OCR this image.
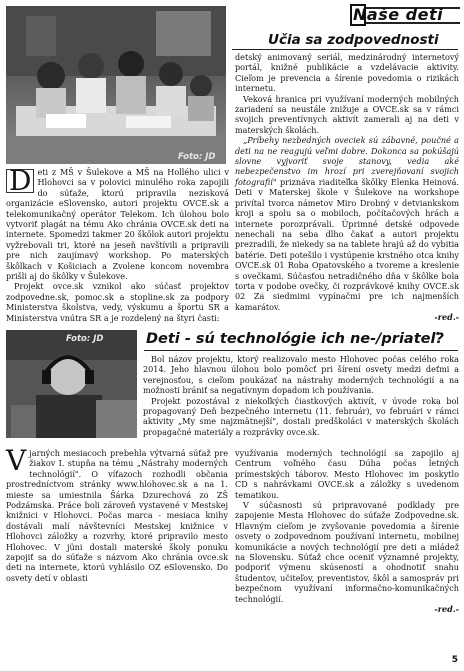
Naše deti
Foto: JD
Učia sa zodpovednosti
D eti z MŠ v Šulekove a MŠ na Hollého ulici v Hlohovci sa v polovici minulého roka zapojili do súťaže, ktorú pripravila nezisková organizácie eSlovensko, autori projektu OVCE.sk a telekomunikačný operátor Telekom. Ich úlohou bolo vytvoriť plagát na tému Ako chrániа OVCE.sk deti na internete. Spomedzi takmer 20 škôlok autori projektu vyžrebovali tri, ktoré na jeseň navštívili a pripravili pre nich zaujímavý workshop. Po materských škôlkach v Košiciach a Zvolene koncom novembra prišli aj do škôlky v Šulekove.

Projekt ovce.sk vznikol ako súčasť projektov zodpovedne.sk, pomoc.sk a stopline.sk za podpory Ministerstva školstva, vedy, výskumu a športu SR a Ministerstva vnútra SR a je rozdelený na štyri časti:

detský animovaný seriál, medzinárodný internetový portál, knižné publikácie a vzdelávacie aktivity. Cieľom je prevencia a šírenie povedomia o rizikách internetu.

Veková hranica pri využívaní moderných mobilných zariadení sa neustále znižuje a OVCE.sk sa v rámci svojich preventívnych aktivít zamerali aj na deti v materských školách.

„Príbehy nezbedných oveciek sú zábavné, poučné a deti na ne reagujú veľmi dobre. Dokonca sa pokúšajú slovne vyjvoriť svoje stanovy, vedia aké nebezpečenstvo im hrozí pri zverejňovaní svojich fotografií" priznáva riaditeľka škôlky Elenka Heinová. Deti v Materskej škole v Šulekove na workshope privítal tvorca námetov Miro Drobný v detviankskom kroji a spolu sa o mobiloch, počítačových hrách a internete porozprávali. Úprimné detské odpovede nenechali na seba dlho čakať a autori projektu prezradili, že niekedy sa na tablete hrajú až do vybitia batérie. Deti potešilo i vystúpenie krstného otca knihy OVCE.sk 01 Roba Opatovského a tvoreme a kreslenie s ovečkami. Súčasťou netradičného dňa v škôlke bola torta v podobe ovečky, či rozprávkové knihy OVCE.sk 02 Za siedmimi vypínačmi pre ich najmenších kamarátov.

-red.-

Foto: JD	Deti - sú technológie ich ne-/priateľ?

Bol názov projektu, ktorý realizovalo mesto Hlohovec počas celého roka 2014. Jeho hlavnou úlohou bolo pomôcť pri šírení osvety medzi deťmi a verejnosťou, s cieľom poukázať na nástrahy moderných technológií a na možnosti brániť sa negatívnym dopadom ich používania.

Projekt pozostával z niekoľkých čiastkových aktivít, v úvode roka bol propagovaný Deň bezpečného internetu (11. február), vo februári v rámci aktivity „My sme najzmätnejší", dostali predškoláci v materských školách propagačné materiály a rozprávky ovce.sk.

V jarných mesiacoch prebehla výtvarná súťaž pre žiakov I. stupňa na tému „Nástrahy moderných technológií". O víťazoch rozhodli občania prostredníctvom stránky www.hlohovec.sk a na 1. mieste sa umiestnila Šárka Dzurechová zo ZŠ Podzámska. Práce boli zároveň vystavené v Mestskej knižnici v Hlohovci. Počas marca - mesiaca knihy dostávali malí návštevníci Mestskej knižnice v Hlohovci záložky a rozvrhy, ktoré pripravilo mesto Hlohovec. V jüni dostali materské školy ponuku zapojiť sa do súťaže s názvom Ako chrániа ovce.sk deti na internete, ktorú vyhlásilo OZ eSlovensko. Do osvety detí v oblasti

využívania moderných technológií sa zapojilo aj Centrum voľného času Dúha počas letných prímestských táborov. Mesto Hlohovec im poskytlo CD s nahrávkami OVCE.sk a záložky s uvedenom tematikou.

V súčasnosti sú pripravované podklady pre zapojenie Mesta Hlohovec do súťaže Zodpovedne.sk. Hlavným cieľom je zvyšovanie povedomia a šírenie osvety o zodpovednom používaní internetu, mobilnej komunikácie a nových technológií pre deti a mládež na Slovensku. Súťaž chce oceniť významné projekty, podporiť výmenu skúseností a ohodnotiť snahu študentov, učiteľov, preventistov, škôl a samospráv pri bezpečnom využívaní informačno-komunikačných technológií.

-red.-

5
